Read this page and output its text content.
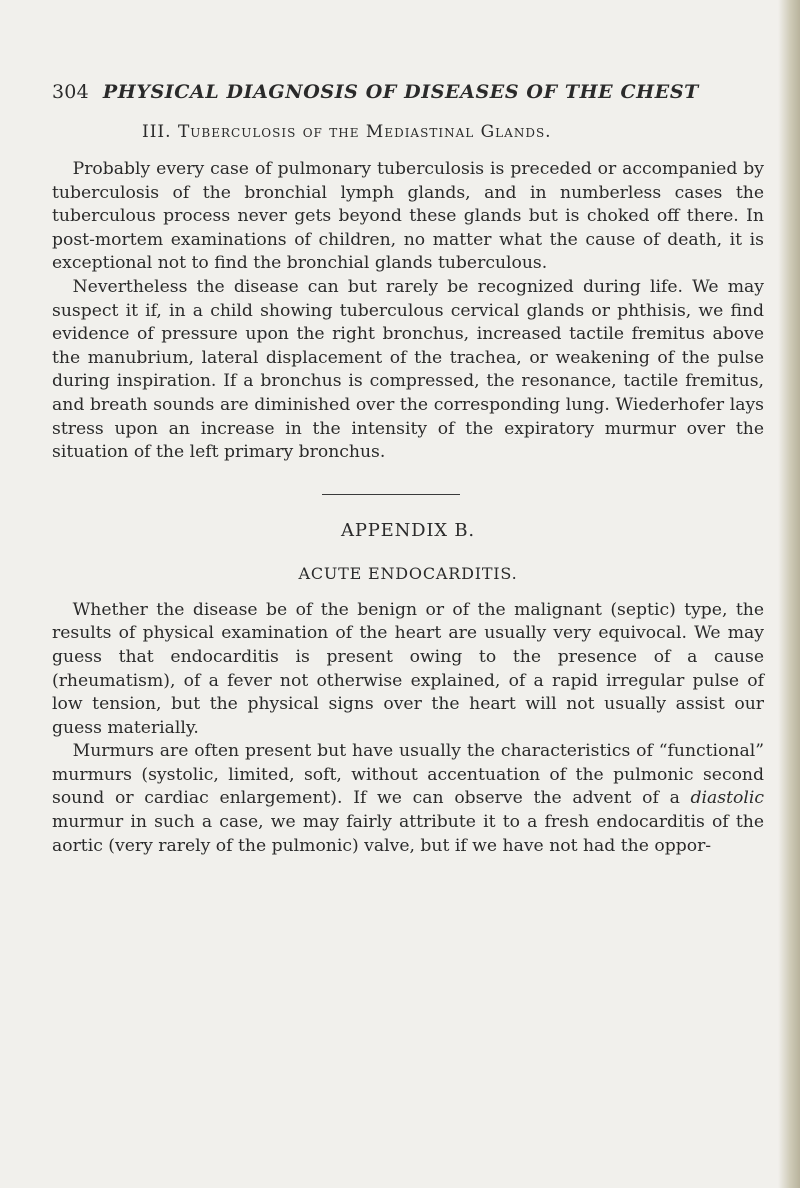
304 PHYSICAL DIAGNOSIS OF DISEASES OF THE CHEST
III. Tuberculosis of the Mediastinal Glands.

Probably every case of pulmonary tuberculosis is preceded or accompanied by tuberculosis of the bronchial lymph glands, and in numberless cases the tuberculous process never gets beyond these glands but is choked off there. In post-mortem examinations of children, no matter what the cause of death, it is exceptional not to find the bronchial glands tuberculous.

Nevertheless the disease can but rarely be recognized during life. We may suspect it if, in a child showing tuberculous cervical glands or phthisis, we find evidence of pressure upon the right bronchus, increased tactile fremitus above the manubrium, lateral displacement of the trachea, or weakening of the pulse during inspiration. If a bronchus is compressed, the resonance, tactile fremitus, and breath sounds are diminished over the corresponding lung. Wiederhofer lays stress upon an increase in the intensity of the expiratory murmur over the situation of the left primary bronchus.

APPENDIX B.
ACUTE ENDOCARDITIS.

Whether the disease be of the benign or of the malignant (septic) type, the results of physical examination of the heart are usually very equivocal. We may guess that endocarditis is present owing to the presence of a cause (rheumatism), of a fever not otherwise explained, of a rapid irregular pulse of low tension, but the physical signs over the heart will not usually assist our guess materially.

Murmurs are often present but have usually the characteristics of “functional” murmurs (systolic, limited, soft, without accentuation of the pulmonic second sound or cardiac enlargement). If we can observe the advent of a diastolic murmur in such a case, we may fairly attribute it to a fresh endocarditis of the aortic (very rarely of the pulmonic) valve, but if we have not had the oppor-
